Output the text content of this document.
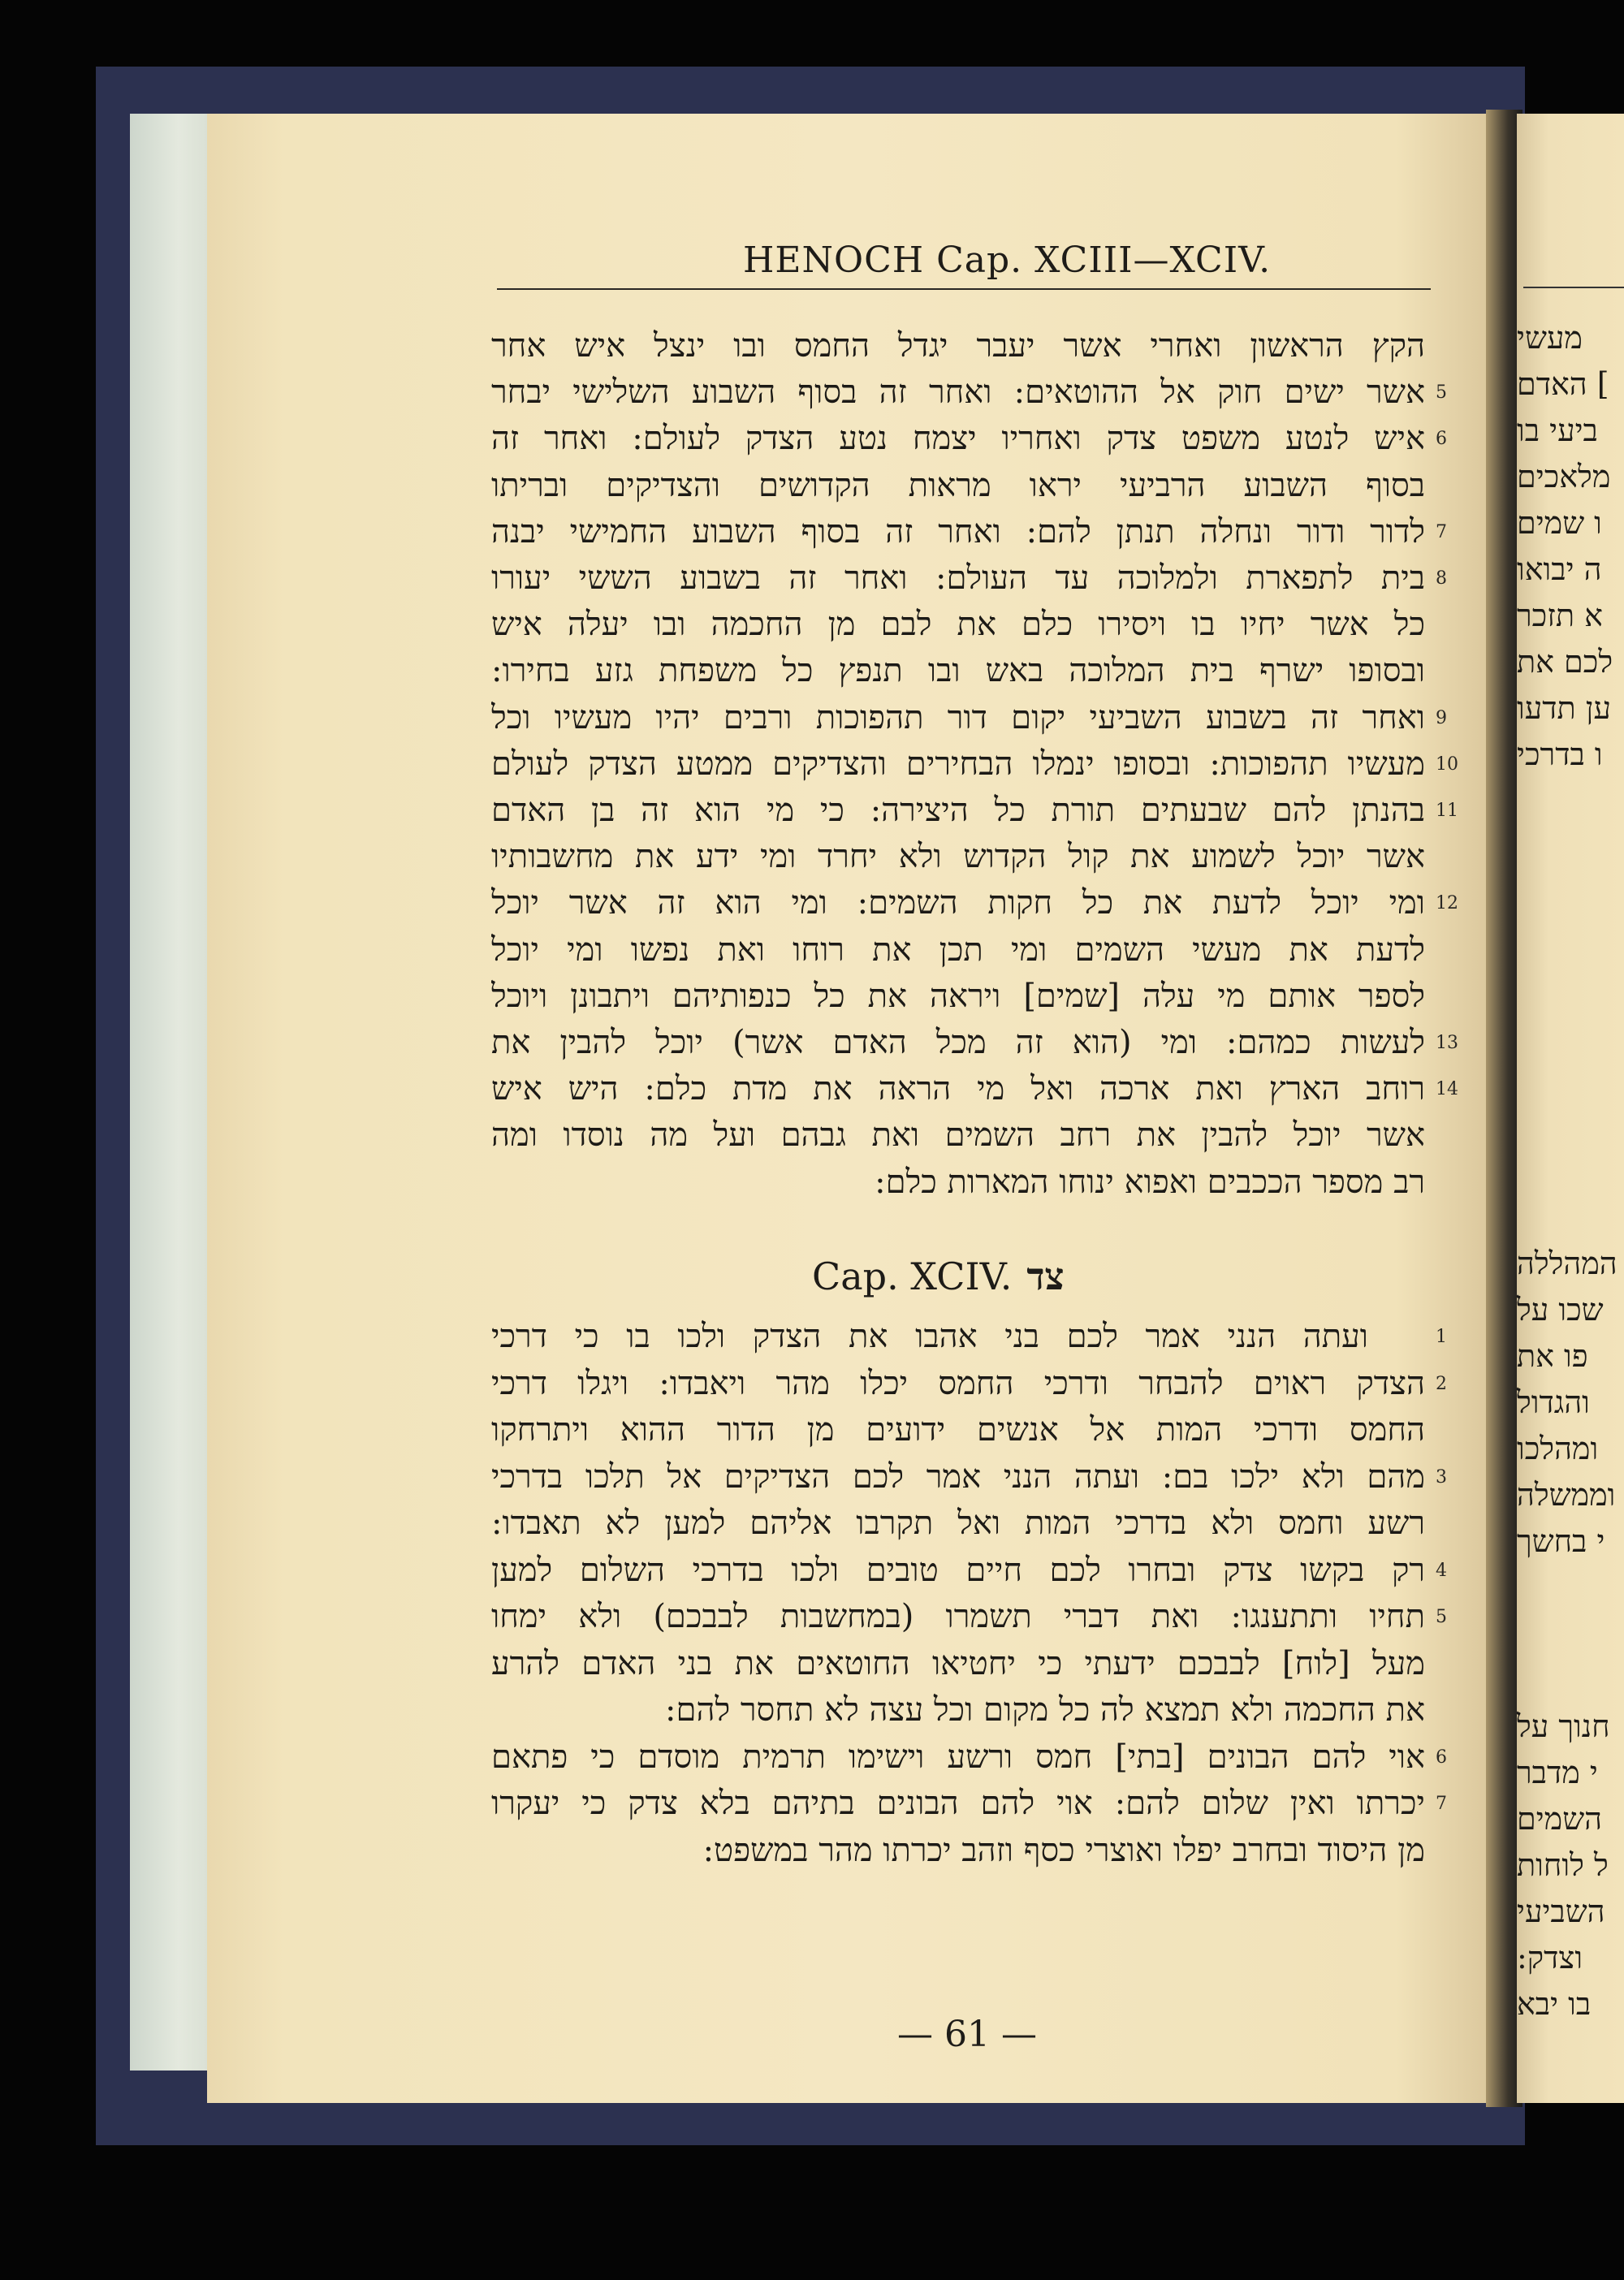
מעשי
] האדם
ביעי בו
מלאכים
ו שמים
ה יבואו
א תזכר
לכם את
ען תדעו
ו בדרכי
המהללה
שכו על
פו את
והגדול
ומהלכו
וממשלה
י בחשך
חנוך על
י מדבר
השמים
ל לוחות
השביעי
וצדק:
בו יבא
HENOCH Cap. XCIII—XCIV.
הקץ הראשון ואחרי אשר יעבר יגדל החמס ובו ינצל איש אחר
אשר ישים חוק אל ההוטאים: ואחר זה בסוף השבוע השלישי יבחר 5
איש לנטע משפט צדק ואחריו יצמח נטע הצדק לעולם: ואחר זה 6
בסוף השבוע הרביעי יראו מראות הקדושים והצדיקים ובריתו
לדור ודור ונחלה תנתן להם: ואחר זה בסוף השבוע החמישי יבנה 7
בית לתפארת ולמלוכה עד העולם: ואחר זה בשבוע הששי יעורו 8
כל אשר יחיו בו ויסירו כלם את לבם מן החכמה ובו יעלה איש
ובסופו ישרף בית המלוכה באש ובו תנפץ כל משפחת גזע בחירו:
ואחר זה בשבוע השביעי יקום דור תהפוכות ורבים יהיו מעשיו וכל 9
מעשיו תהפוכות: ובסופו ינמלו הבחירים והצדיקים ממטע הצדק לעולם 10
בהנתן להם שבעתים תורת כל היצירה: כי מי הוא זה בן האדם 11
אשר יוכל לשמוע את קול הקדוש ולא יחרד ומי ידע את מחשבותיו
ומי יוכל לדעת את כל חקות השמים: ומי הוא זה אשר יוכל 12
לדעת את מעשי השמים ומי תכן את רוחו ואת נפשו ומי יוכל
לספר אותם מי עלה [שמים] ויראה את כל כנפותיהם ויתבונן ויוכל
לעשות כמהם: ומי (הוא זה מכל האדם אשר) יוכל להבין את 13
רוחב הארץ ואת ארכה ואל מי הראה את מדת כלם: היש איש 14
אשר יוכל להבין את רחב השמים ואת גבהם ועל מה נוסדו ומה
רב מספר הככבים ואפוא ינוחו המארות כלם:
Cap. XCIV. צד
ועתה הנני אמר לכם בני אהבו את הצדק ולכו בו כי דרכי	1
הצדק ראוים להבחר ודרכי החמס יכלו מהר ויאבדו: ויגלו דרכי 2
החמס ודרכי המות אל אנשים ידועים מן הדור ההוא ויתרחקו
מהם ולא ילכו בם: ועתה הנני אמר לכם הצדיקים אל תלכו בדרכי 3
רשע וחמס ולא בדרכי המות ואל תקרבו אליהם למען לא תאבדו:
רק בקשו צדק ובחרו לכם חיים טובים ולכו בדרכי השלום למען 4
תחיו ותתענגו: ואת דברי תשמרו (במחשבות לבבכם) ולא ימחו 5
מעל [לוח] לבבכם ידעתי כי יחטיאו החוטאים את בני האדם להרע
את החכמה ולא תמצא לה כל מקום וכל עצה לא תחסר להם:
אוי להם הבונים [בתי] חמס ורשע וישימו תרמית מוסדם כי פתאם 6
יכרתו ואין שלום להם: אוי להם הבונים בתיהם בלא צדק כי יעקרו 7
מן היסוד ובחרב יפלו ואוצרי כסף וזהב יכרתו מהר במשפט:
— 61 —
